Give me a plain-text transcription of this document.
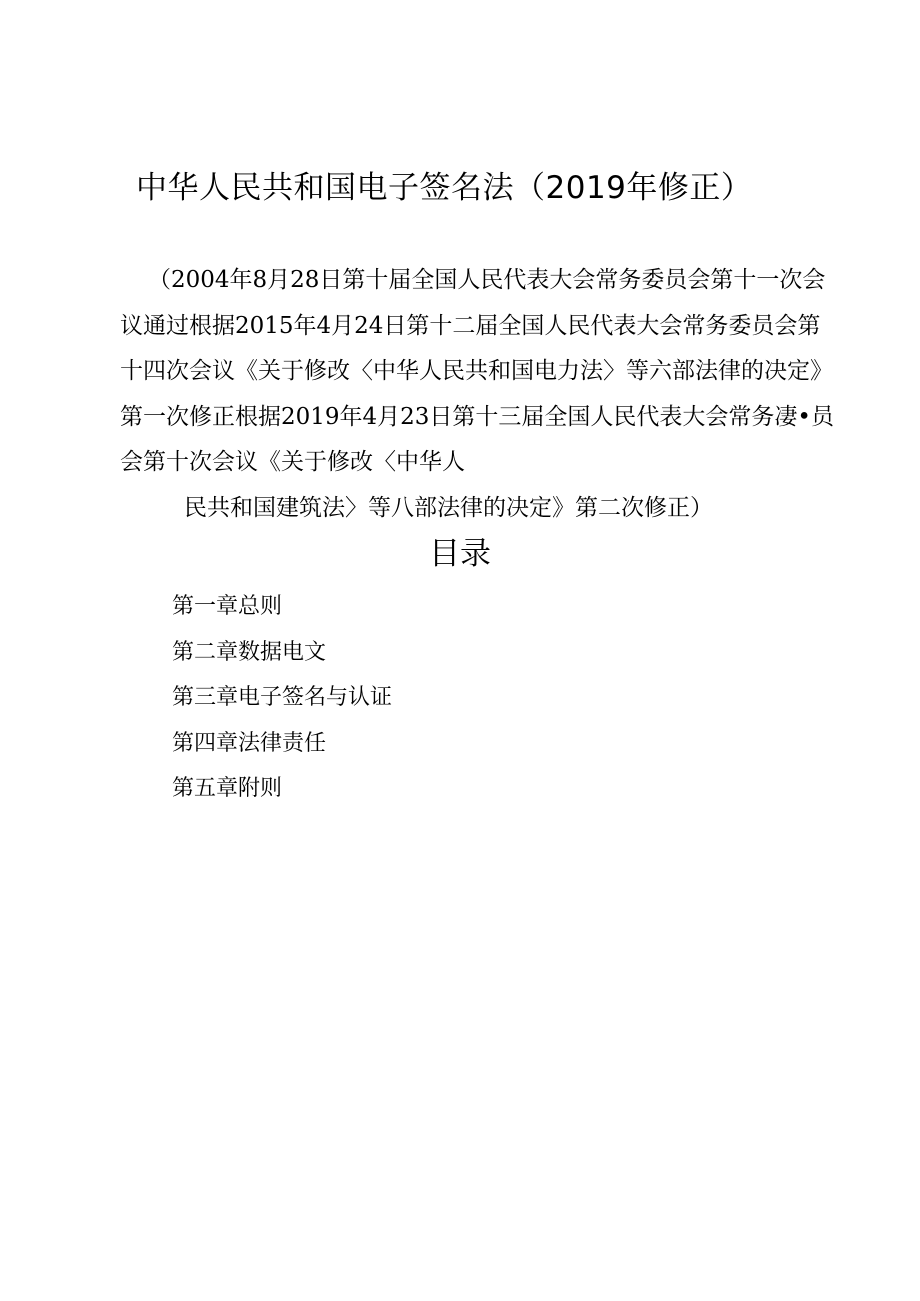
中华人民共和国电子签名法（2019年修正）
（2004年8月28日第十届全国人民代表大会常务委员会第十一次会
议通过根据2015年4月24日第十二届全国人民代表大会常务委员会第
十四次会议《关于修改〈中华人民共和国电力法〉等六部法律的决定》
第一次修正根据2019年4月23日第十三届全国人民代表大会常务凄•员
会第十次会议《关于修改〈中华人
民共和国建筑法〉等八部法律的决定》第二次修正）
目录
第一章总则
第二章数据电文
第三章电子签名与认证
第四章法律责任
第五章附则
